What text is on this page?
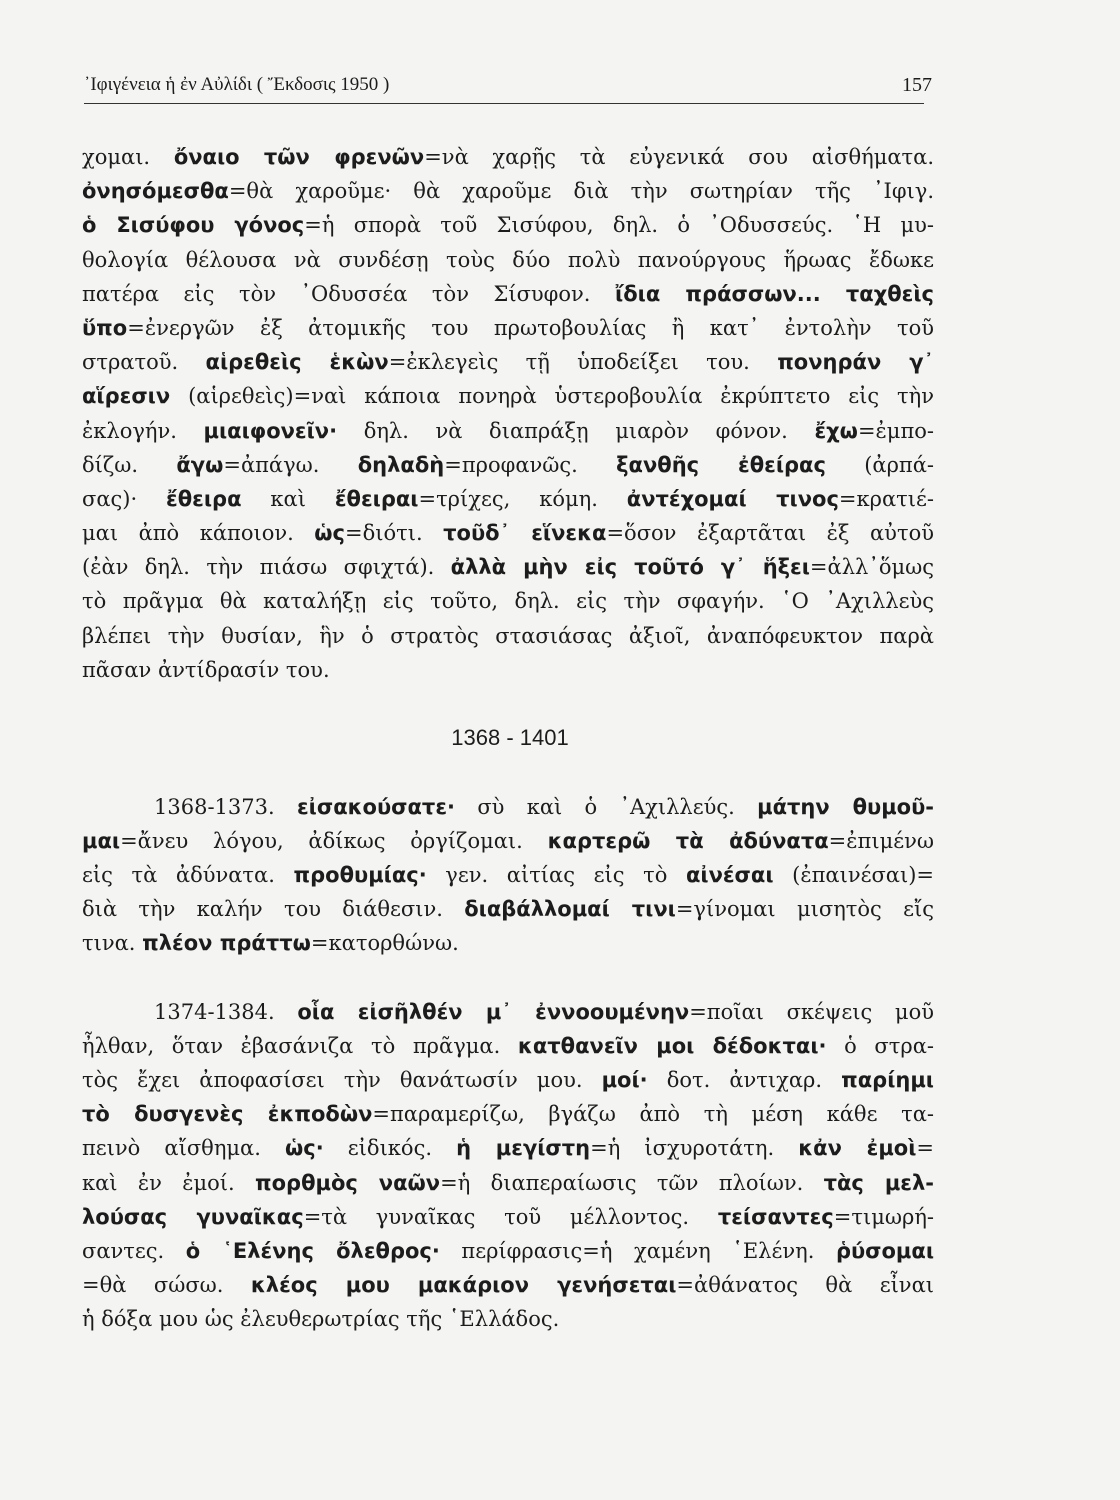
᾿Ιφιγένεια ἡ ἐν Αὐλίδι ( Ἔκδοσις 1950 )	157
χομαι. ὄναιο τῶν φρενῶν=νὰ χαρῇς τὰ εὐγενικά σου αἰσθήματα.
ὀνησόμεσθα=θὰ χαροῦμε· θὰ χαροῦμε διὰ τὴν σωτηρίαν τῆς ᾿Ιφιγ.
ὁ Σισύφου γόνος=ἡ σπορὰ τοῦ Σισύφου, δηλ. ὁ ᾿Οδυσσεύς. ῾Η μυ-
θολογία θέλουσα νὰ συνδέσῃ τοὺς δύο πολὺ πανούργους ἥρωας ἔδωκε
πατέρα εἰς τὸν ᾿Οδυσσέα τὸν Σίσυφον. ἴδια πράσσων... ταχθεὶς
ὕπο=ἐνεργῶν ἐξ ἀτομικῆς του πρωτοβουλίας ἢ κατ᾿ ἐντολὴν τοῦ
στρατοῦ. αἱρεθεὶς ἑκὼν=ἐκλεγεὶς τῇ ὑποδείξει του. πονηράν γ᾿
αἵρεσιν (αἱρεθεὶς)=ναὶ κάποια πονηρὰ ὑστεροβουλία ἐκρύπτετο εἰς τὴν
ἐκλογήν. μιαιφονεῖν· δηλ. νὰ διαπράξῃ μιαρὸν φόνον. ἔχω=ἐμπο-
δίζω. ἄγω=ἀπάγω. δηλαδὴ=προφανῶς. ξανθῆς ἐθείρας (ἀρπά-
σας)· ἔθειρα καὶ ἔθειραι=τρίχες, κόμη. ἀντέχομαί τινος=κρατιέ-
μαι ἀπὸ κάποιον. ὡς=διότι. τοῦδ᾿ εἵνεκα=ὅσον ἐξαρτᾶται ἐξ αὐτοῦ
(ἐὰν δηλ. τὴν πιάσω σφιχτά). ἀλλὰ μὴν εἰς τοῦτό γ᾿ ἥξει=ἀλλ᾿ὅμως
τὸ πρᾶγμα θὰ καταλήξῃ εἰς τοῦτο, δηλ. εἰς τὴν σφαγήν. ῾Ο ᾿Αχιλλεὺς
βλέπει τὴν θυσίαν, ἣν ὁ στρατὸς στασιάσας ἀξιοῖ, ἀναπόφευκτον παρὰ
πᾶσαν ἀντίδρασίν του.
1368 - 1401
1368-1373. εἰσακούσατε· σὺ καὶ ὁ ᾿Αχιλλεύς. μάτην θυμοῦ-
μαι=ἄνευ λόγου, ἀδίκως ὀργίζομαι. καρτερῶ τὰ ἀδύνατα=ἐπιμένω
εἰς τὰ ἀδύνατα. προθυμίας· γεν. αἰτίας εἰς τὸ αἰνέσαι (ἐπαινέσαι)=
διὰ τὴν καλήν του διάθεσιν. διαβάλλομαί τινι=γίνομαι μισητὸς εἴς
τινα. πλέον πράττω=κατορθώνω.
1374-1384. οἷα εἰσῆλθέν μ᾿ ἐννοουμένην=ποῖαι σκέψεις μοῦ
ἦλθαν, ὅταν ἐβασάνιζα τὸ πρᾶγμα. κατθανεῖν μοι δέδοκται· ὁ στρα-
τὸς ἔχει ἀποφασίσει τὴν θανάτωσίν μου. μοί· δοτ. ἀντιχαρ. παρίημι
τὸ δυσγενὲς ἐκποδὼν=παραμερίζω, βγάζω ἀπὸ τὴ μέση κάθε τα-
πεινὸ αἴσθημα. ὡς· εἰδικός. ἡ μεγίστη=ἡ ἰσχυροτάτη. κἀν ἐμοὶ=
καὶ ἐν ἐμοί. πορθμὸς ναῶν=ἡ διαπεραίωσις τῶν πλοίων. τὰς μελ-
λούσας γυναῖκας=τὰ γυναῖκας τοῦ μέλλοντος. τείσαντες=τιμωρή-
σαντες. ὁ ῾Ελένης ὄλεθρος· περίφρασις=ἡ χαμένη ῾Ελένη. ῥύσομαι
=θὰ σώσω. κλέος μου μακάριον γενήσεται=ἀθάνατος θὰ εἶναι
ἡ δόξα μου ὡς ἐλευθερωτρίας τῆς ῾Ελλάδος.
